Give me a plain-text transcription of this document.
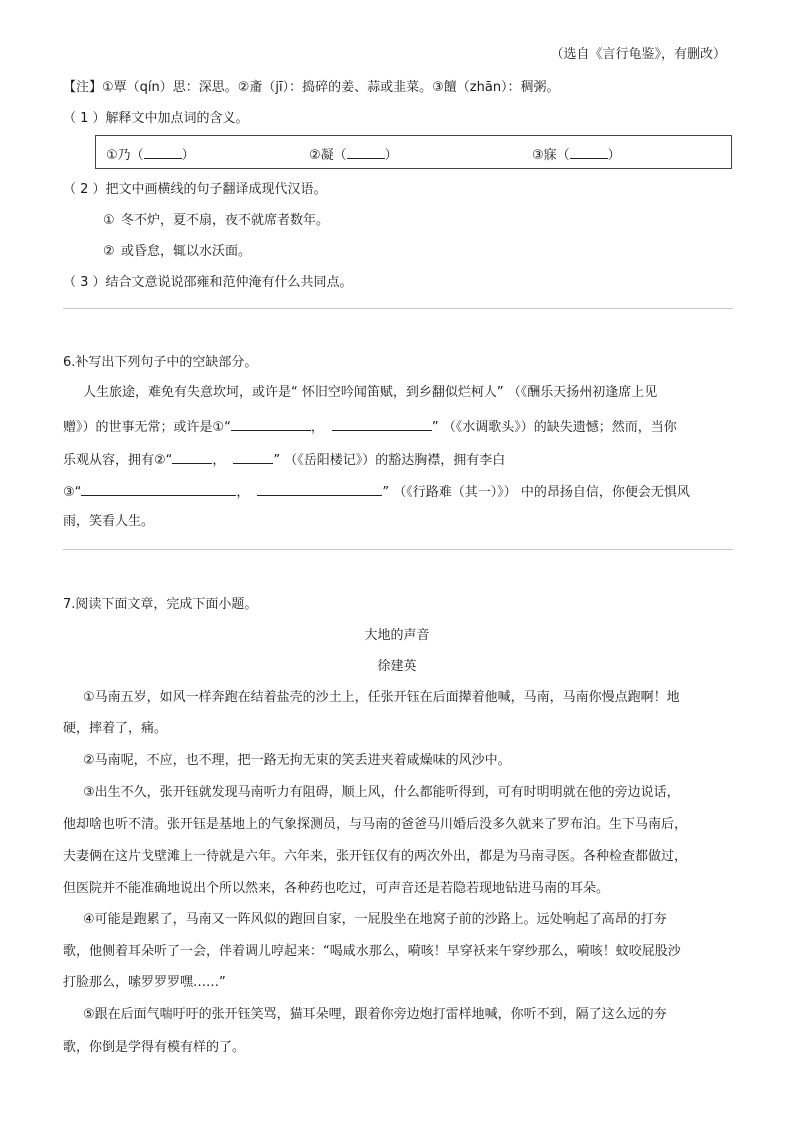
（选自《言行龟鉴》，有删改）
【注】①覃（qín）思：深思。②齑（jī）：捣碎的姜、蒜或韭菜。③饘（zhān）：稠粥。
（ 1 ）解释文中加点词的含义。
①乃（	）	②凝（	）	③寐（	）
（ 2 ）把文中画横线的句子翻译成现代汉语。
① 冬不炉，夏不扇，夜不就席者数年。
② 或昏怠，辄以水沃面。
（ 3 ）结合文意说说邵雍和范仲淹有什么共同点。
6.补写出下列句子中的空缺部分。
人生旅途，难免有失意坎坷，或许是“ 怀旧空吟闻笛赋，到乡翻似烂柯人” （《酬乐天扬州初逢席上见
赠》）的世事无常；或许是①“	，	” （《水调歌头》）的缺失遗憾；然而，当你
乐观从容，拥有②“	，	” （《岳阳楼记》）的豁达胸襟，拥有李白
③“	，	” （《行路难（其一）》） 中的昂扬自信，你便会无惧风
雨，笑看人生。
7.阅读下面文章，完成下面小题。
大地的声音
徐建英
①马南五岁，如风一样奔跑在结着盐壳的沙土上，任张开钰在后面撵着他喊，马南，马南你慢点跑啊！地
硬，摔着了，痛。
②马南呢，不应，也不理，把一路无拘无束的笑丢进夹着咸燥味的风沙中。
③出生不久，张开钰就发现马南听力有阻碍，顺上风，什么都能听得到，可有时明明就在他的旁边说话，
他却啥也听不清。张开钰是基地上的气象探测员，与马南的爸爸马川婚后没多久就来了罗布泊。生下马南后，
夫妻俩在这片戈壁滩上一待就是六年。六年来，张开钰仅有的两次外出，都是为马南寻医。各种检查都做过，
但医院并不能准确地说出个所以然来，各种药也吃过，可声音还是若隐若现地钻进马南的耳朵。
④可能是跑累了，马南又一阵风似的跑回自家，一屁股坐在地窝子前的沙路上。远处响起了高昂的打夯
歌，他侧着耳朵听了一会，伴着调儿哼起来：“喝咸水那么，嗬咳！早穿袄来午穿纱那么，嗬咳！蚊咬屁股沙
打脸那么，嗦罗罗罗嘿……”
⑤跟在后面气喘吁吁的张开钰笑骂，猫耳朵哩，跟着你旁边炮打雷样地喊，你听不到，隔了这么远的夯
歌，你倒是学得有模有样的了。
